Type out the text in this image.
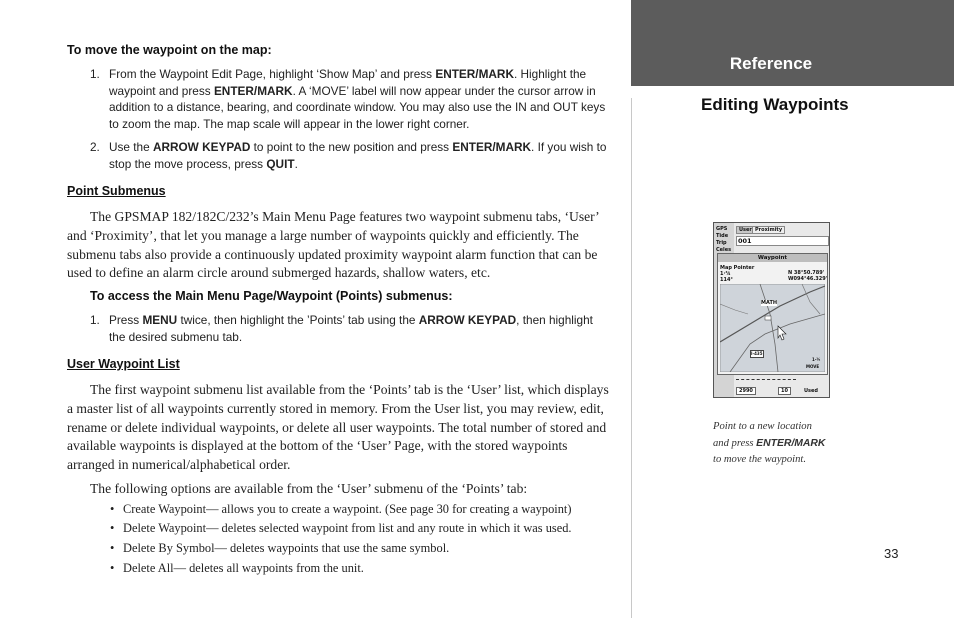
To move the waypoint on the map:
1. From the Waypoint Edit Page, highlight ‘Show Map’ and press ENTER/MARK. Highlight the waypoint and press ENTER/MARK. A ‘MOVE’ label will now appear under the cursor arrow in addition to a distance, bearing, and coordinate window. You may also use the IN and OUT keys to zoom the map. The map scale will appear in the lower right corner.
2. Use the ARROW KEYPAD to point to the new position and press ENTER/MARK. If you wish to stop the move process, press QUIT.
Point Submenus
The GPSMAP 182/182C/232’s Main Menu Page features two waypoint submenu tabs, ‘User’ and ‘Proximity’, that let you manage a large number of waypoints quickly and efficiently. The submenu tabs also provide a continuously updated proximity waypoint alarm function that can be used to define an alarm circle around submerged hazards, shallow waters, etc.
To access the Main Menu Page/Waypoint (Points) submenus:
1. Press MENU twice, then highlight the ’Points’ tab using the ARROW KEYPAD, then highlight the desired submenu tab.
User Waypoint List
The first waypoint submenu list available from the ‘Points’ tab is the ‘User’ list, which displays a master list of all waypoints currently stored in memory. From the User list, you may review, edit, rename or delete individual waypoints, or delete all user waypoints. The total number of stored and available waypoints is displayed at the bottom of the ‘User’ Page, with the stored waypoints arranged in numerical/alphabetical order.
The following options are available from the ‘User’ submenu of the ‘Points’ tab:
• Create Waypoint— allows you to create a waypoint. (See page 30 for creating a waypoint)
• Delete Waypoint— deletes selected waypoint from list and any route in which it was used.
• Delete By Symbol— deletes waypoints that use the same symbol.
• Delete All— deletes all waypoints from the unit.
Reference
Editing Waypoints
GPS
Tide
Trip
Celes
User Proximity
001
Waypoint
Map Pointer
1·¾
114°
N 38°50.789'
W094°46.329'
MATH
I-435
1·¾
MOVE
2990	10	Used
Point to a new location
and press ENTER/MARK
to move the waypoint.
33
